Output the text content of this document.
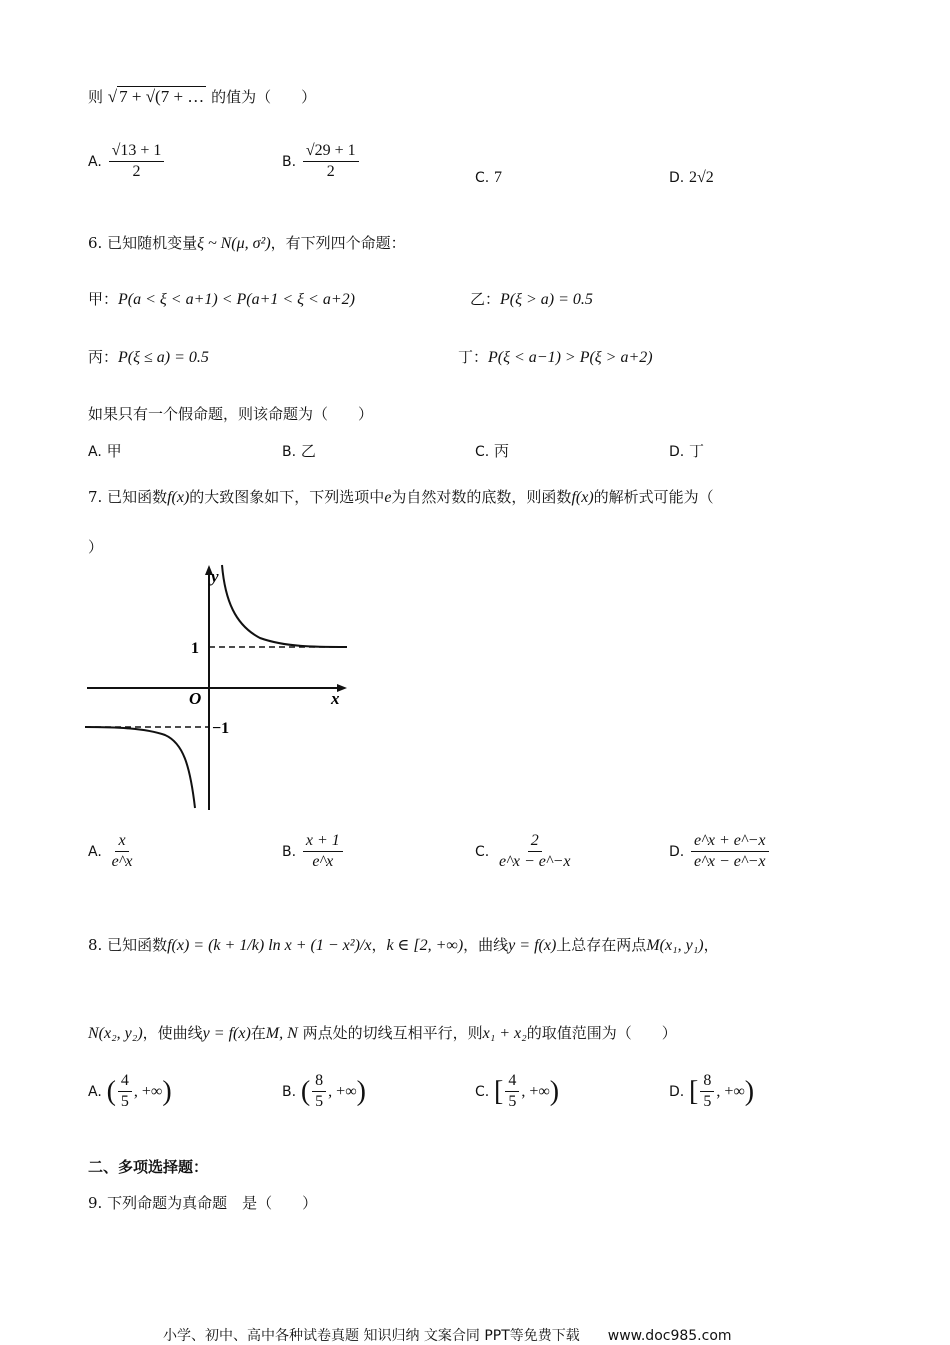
则 √ 7 + √(7 + … 的值为（　　）
A. $\frac{√13 + 1}{2}$	B. $\frac{√29 + 1}{2}$	C. 7	D. 2√2
6. 已知随机变量ξ ~ N(μ, σ²)，有下列四个命题：
甲：P(a < ξ < a+1) < P(a+1 < ξ < a+2)	乙：P(ξ > a) = 0.5
丙：P(ξ ≤ a) = 0.5	丁：P(ξ < a−1) > P(ξ > a+2)
如果只有一个假命题，则该命题为（　　）
A. 甲	B. 乙	C. 丙	D. 丁
7. 已知函数f(x)的大致图象如下，下列选项中e为自然对数的底数，则函数f(x)的解析式可能为（
）
y
x
O
1
−1
A. $\frac{x}{e\^{}x}$	B. $\frac{x + 1}{e\^{}x}$	C. $\frac{2}{e\^{}x - e\^{}-x}$	D. $\frac{e\^{}x + e\^{}-x}{e\^{}x - e\^{}-x}$
8. 已知函数f(x) = (k + 1/k) ln x + (1 − x²)/x，k ∈ [2, +∞)，曲线y = f(x)上总存在两点M(x₁, y₁)，
N(x₂, y₂)，使曲线y = f(x)在M, N 两点处的切线互相平行，则x₁ + x₂的取值范围为（　　）
A. ( $\frac{4}{5}$ , +∞)	B. ( $\frac{8}{5}$ , +∞)	C. [ $\frac{4}{5}$ , +∞)	D. [ $\frac{8}{5}$ , +∞)
二、多项选择题：
9. 下列命题为真命题　是（　　）
小学、初中、高中各种试卷真题 知识归纳 文案合同 PPT等免费下载　　www.doc985.com
